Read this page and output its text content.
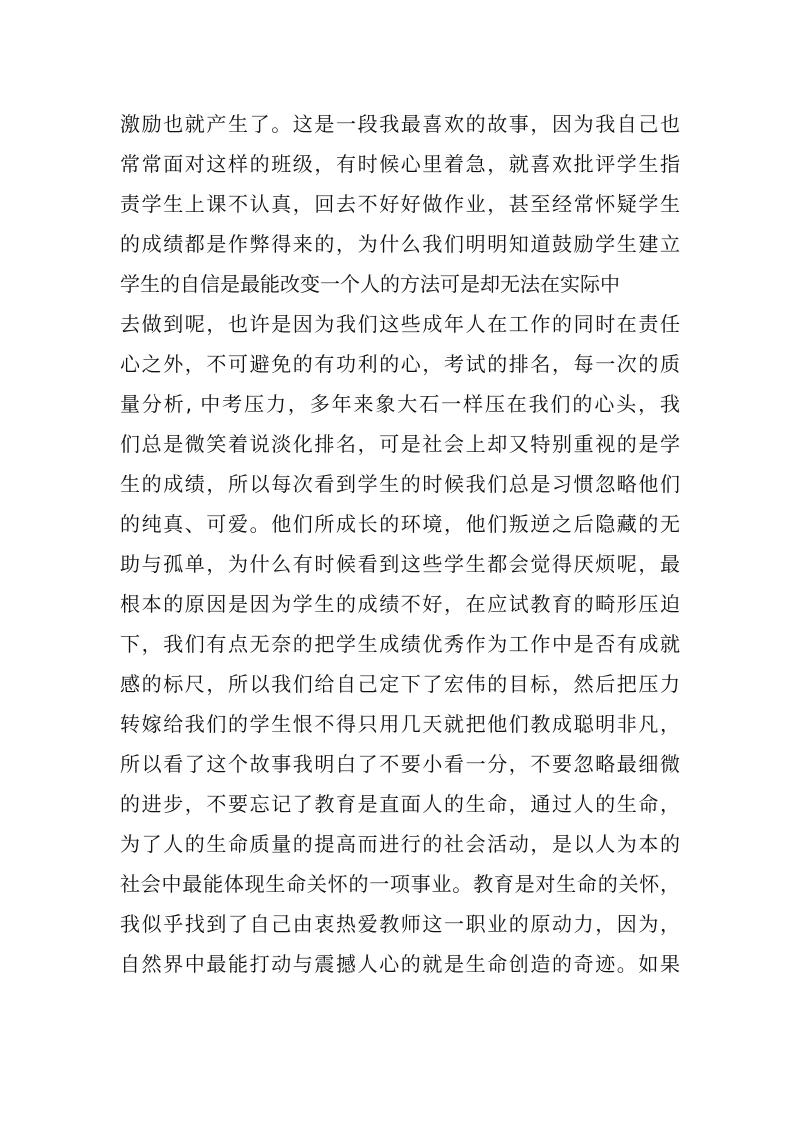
激励也就产生了。这是一段我最喜欢的故事，因为我自己也
常常面对这样的班级，有时候心里着急，就喜欢批评学生指
责学生上课不认真，回去不好好做作业，甚至经常怀疑学生
的成绩都是作弊得来的，为什么我们明明知道鼓励学生建立
学生的自信是最能改变一个人的方法可是却无法在实际中
去做到呢，也许是因为我们这些成年人在工作的同时在责任
心之外，不可避免的有功利的心，考试的排名，每一次的质
量分析, 中考压力，多年来象大石一样压在我们的心头，我
们总是微笑着说淡化排名，可是社会上却又特别重视的是学
生的成绩，所以每次看到学生的时候我们总是习惯忽略他们
的纯真、可爱。他们所成长的环境，他们叛逆之后隐藏的无
助与孤单，为什么有时候看到这些学生都会觉得厌烦呢，最
根本的原因是因为学生的成绩不好，在应试教育的畸形压迫
下，我们有点无奈的把学生成绩优秀作为工作中是否有成就
感的标尺，所以我们给自己定下了宏伟的目标，然后把压力
转嫁给我们的学生恨不得只用几天就把他们教成聪明非凡，
所以看了这个故事我明白了不要小看一分，不要忽略最细微
的进步，不要忘记了教育是直面人的生命，通过人的生命，
为了人的生命质量的提高而进行的社会活动，是以人为本的
社会中最能体现生命关怀的一项事业。教育是对生命的关怀，
我似乎找到了自己由衷热爱教师这一职业的原动力，因为，
自然界中最能打动与震撼人心的就是生命创造的奇迹。如果
